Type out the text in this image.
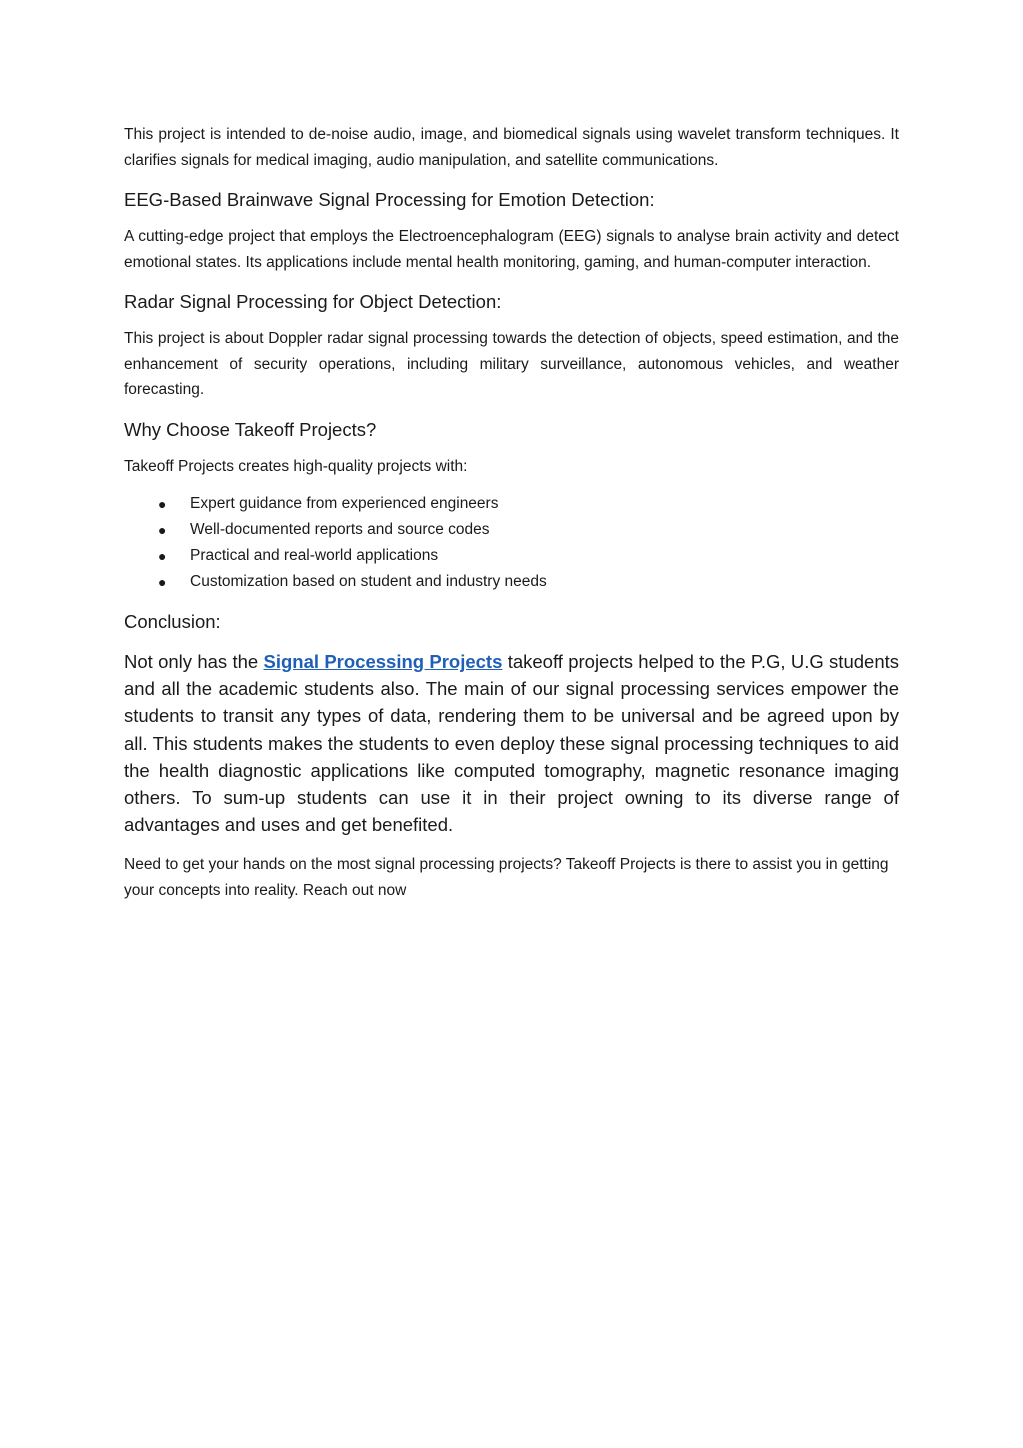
This project is intended to de-noise audio, image, and biomedical signals using wavelet transform techniques. It clarifies signals for medical imaging, audio manipulation, and satellite communications.

EEG-Based Brainwave Signal Processing for Emotion Detection:

A cutting-edge project that employs the Electroencephalogram (EEG) signals to analyse brain activity and detect emotional states. Its applications include mental health monitoring, gaming, and human-computer interaction.

Radar Signal Processing for Object Detection:

This project is about Doppler radar signal processing towards the detection of objects, speed estimation, and the enhancement of security operations, including military surveillance, autonomous vehicles, and weather forecasting.

Why Choose Takeoff Projects?

Takeoff Projects creates high-quality projects with:

● Expert guidance from experienced engineers
● Well-documented reports and source codes
● Practical and real-world applications
● Customization based on student and industry needs
Conclusion:

Not only has the Signal Processing Projects takeoff projects helped to the P.G, U.G students and all the academic students also. The main of our signal processing services empower the students to transit any types of data, rendering them to be universal and be agreed upon by all. This students makes the students to even deploy these signal processing techniques to aid the health diagnostic applications like computed tomography, magnetic resonance imaging others. To sum-up students can use it in their project owning to its diverse range of advantages and uses and get benefited.

Need to get your hands on the most signal processing projects? Takeoff Projects is there to assist you in getting your concepts into reality. Reach out now
